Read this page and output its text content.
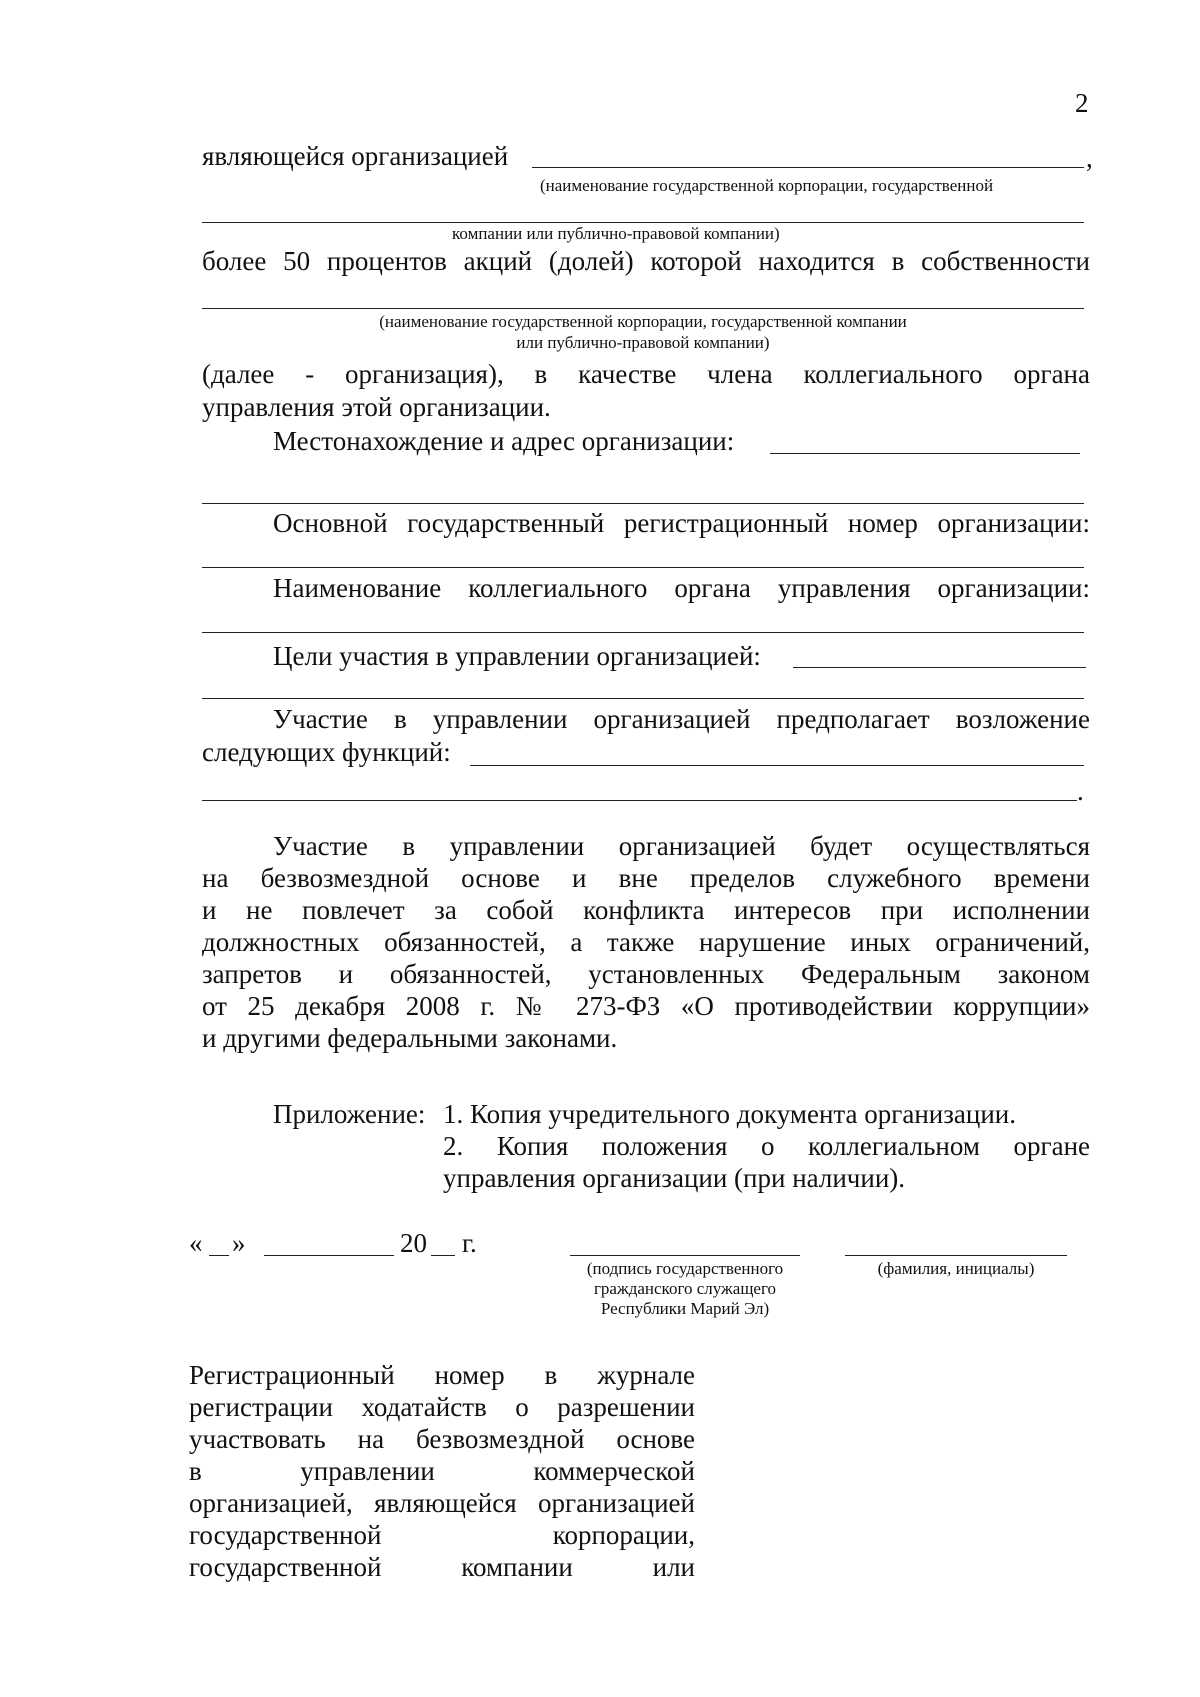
2
являющейся организацией	,
(наименование государственной корпорации, государственной
компании или публично-правовой компании)
более 50 процентов акций (долей) которой находится в собственности
(наименование государственной корпорации, государственной компании
или публично-правовой компании)
(далее - организация), в качестве члена коллегиального органа
управления этой организации.
Местонахождение и адрес организации:
Основной государственный регистрационный номер организации:
Наименование коллегиального органа управления организации:
Цели участия в управлении организацией:
Участие в управлении организацией предполагает возложение
следующих функций:
.
Участие в управлении организацией будет осуществляться
на безвозмездной основе и вне пределов служебного времени
и не повлечет за собой конфликта интересов при исполнении
должностных обязанностей, а также нарушение иных ограничений,
запретов и обязанностей, установленных Федеральным законом
от 25 декабря 2008 г. № 273-ФЗ «О противодействии коррупции»
и другими федеральными законами.
Приложение: 1. Копия учредительного документа организации.
2. Копия положения о коллегиальном органе
управления организации (при наличии).
« »	20 г.
(подпись государственного гражданского служащего Республики Марий Эл)
(фамилия, инициалы)
Регистрационный номер в журнале
регистрации ходатайств о разрешении
участвовать на безвозмездной основе
в управлении коммерческой
организацией, являющейся организацией
государственной корпорации,
государственной компании или
